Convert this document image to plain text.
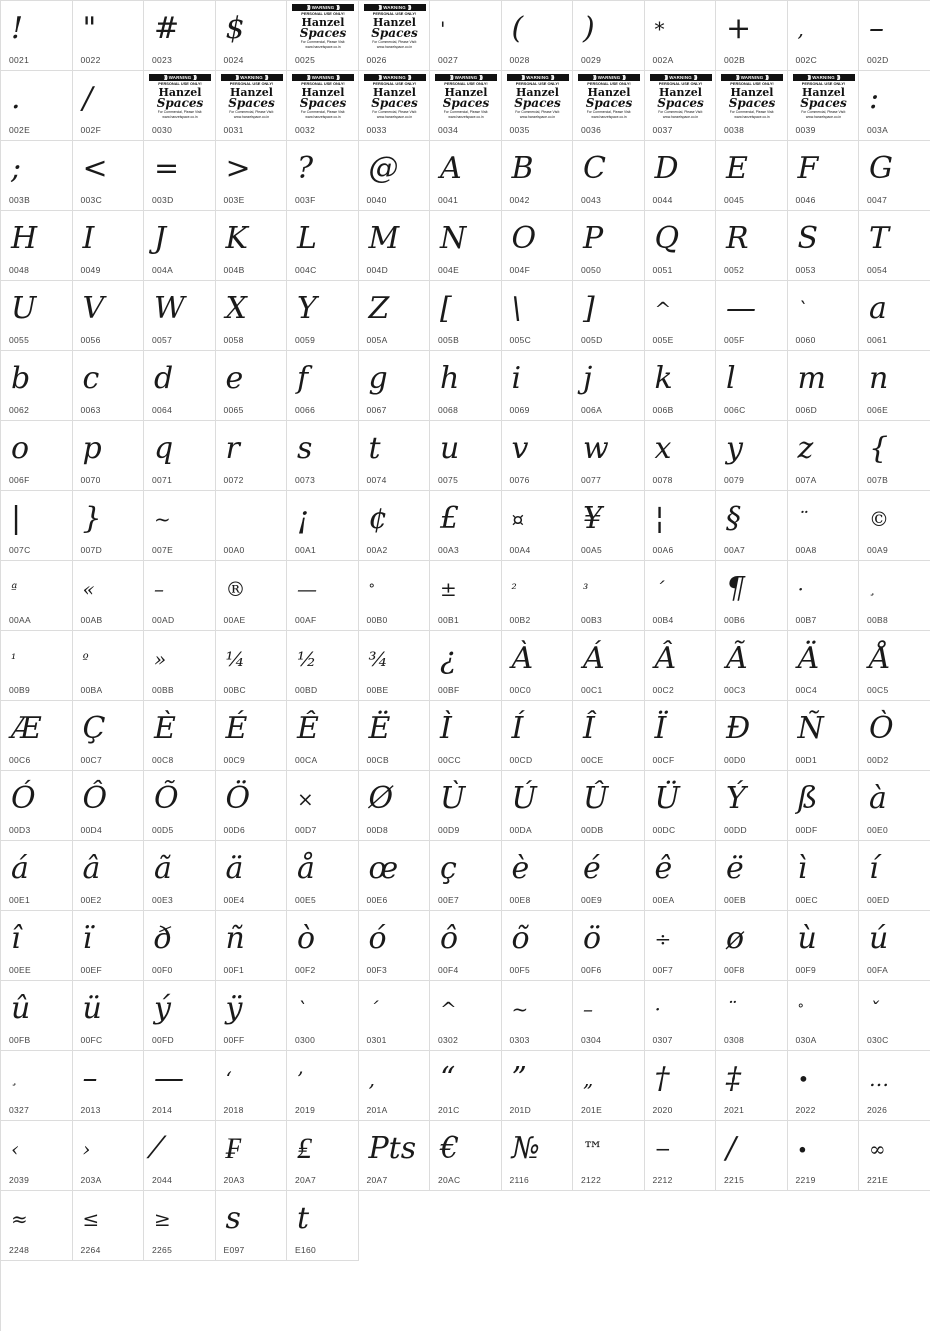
!
0021
"
0022
#
0023
$
0024
)))) WARNING ))))
PERSONAL USE ONLY!
Hanzel
Spaces
For Commercial, Please Visit:
www.hanzelspace.co.in
0025
)))) WARNING ))))
PERSONAL USE ONLY!
Hanzel
Spaces
For Commercial, Please Visit:
www.hanzelspace.co.in
0026
'
0027
(
0028
)
0029
*
002A
+
002B
,
002C
–
002D
.
002E
/
002F
)))) WARNING ))))
PERSONAL USE ONLY!
Hanzel
Spaces
For Commercial, Please Visit:
www.hanzelspace.co.in
0030
)))) WARNING ))))
PERSONAL USE ONLY!
Hanzel
Spaces
For Commercial, Please Visit:
www.hanzelspace.co.in
0031
)))) WARNING ))))
PERSONAL USE ONLY!
Hanzel
Spaces
For Commercial, Please Visit:
www.hanzelspace.co.in
0032
)))) WARNING ))))
PERSONAL USE ONLY!
Hanzel
Spaces
For Commercial, Please Visit:
www.hanzelspace.co.in
0033
)))) WARNING ))))
PERSONAL USE ONLY!
Hanzel
Spaces
For Commercial, Please Visit:
www.hanzelspace.co.in
0034
)))) WARNING ))))
PERSONAL USE ONLY!
Hanzel
Spaces
For Commercial, Please Visit:
www.hanzelspace.co.in
0035
)))) WARNING ))))
PERSONAL USE ONLY!
Hanzel
Spaces
For Commercial, Please Visit:
www.hanzelspace.co.in
0036
)))) WARNING ))))
PERSONAL USE ONLY!
Hanzel
Spaces
For Commercial, Please Visit:
www.hanzelspace.co.in
0037
)))) WARNING ))))
PERSONAL USE ONLY!
Hanzel
Spaces
For Commercial, Please Visit:
www.hanzelspace.co.in
0038
)))) WARNING ))))
PERSONAL USE ONLY!
Hanzel
Spaces
For Commercial, Please Visit:
www.hanzelspace.co.in
0039
:
003A
;
003B
<
003C
=
003D
>
003E
?
003F
@
0040
A
0041
B
0042
C
0043
D
0044
E
0045
F
0046
G
0047
H
0048
I
0049
J
004A
K
004B
L
004C
M
004D
N
004E
O
004F
P
0050
Q
0051
R
0052
S
0053
T
0054
U
0055
V
0056
W
0057
X
0058
Y
0059
Z
005A
[
005B
\
005C
]
005D
^
005E
—
005F
`
0060
a
0061
b
0062
c
0063
d
0064
e
0065
f
0066
g
0067
h
0068
i
0069
j
006A
k
006B
l
006C
m
006D
n
006E
o
006F
p
0070
q
0071
r
0072
s
0073
t
0074
u
0075
v
0076
w
0077
x
0078
y
0079
z
007A
{
007B
|
007C
}
007D
~
007E	00A0
¡
00A1
¢
00A2
£
00A3
¤
00A4
¥
00A5
¦
00A6
§
00A7
¨
00A8
©
00A9
ª
00AA
«
00AB
–
00AD
®
00AE
—
00AF
°
00B0
±
00B1
²
00B2
³
00B3
´
00B4
¶
00B6
·
00B7
¸
00B8
¹
00B9
º
00BA
»
00BB
¼
00BC
½
00BD
¾
00BE
¿
00BF
À
00C0
Á
00C1
Â
00C2
Ã
00C3
Ä
00C4
Å
00C5
Æ
00C6
Ç
00C7
È
00C8
É
00C9
Ê
00CA
Ë
00CB
Ì
00CC
Í
00CD
Î
00CE
Ï
00CF
Ð
00D0
Ñ
00D1
Ò
00D2
Ó
00D3
Ô
00D4
Õ
00D5
Ö
00D6
×
00D7
Ø
00D8
Ù
00D9
Ú
00DA
Û
00DB
Ü
00DC
Ý
00DD
ß
00DF
à
00E0
á
00E1
â
00E2
ã
00E3
ä
00E4
å
00E5
œ
00E6
ç
00E7
è
00E8
é
00E9
ê
00EA
ë
00EB
ì
00EC
í
00ED
î
00EE
ï
00EF
ð
00F0
ñ
00F1
ò
00F2
ó
00F3
ô
00F4
õ
00F5
ö
00F6
÷
00F7
ø
00F8
ù
00F9
ú
00FA
û
00FB
ü
00FC
ý
00FD
ÿ
00FF
`
0300
´
0301
^
0302
~
0303
–
0304
·
0307
¨
0308
°
030A
ˇ
030C
¸
0327
–
2013
—
2014
‘
2018
’
2019
‚
201A
“
201C
”
201D
„
201E
†
2020
‡
2021
•
2022
…
2026
‹
2039
›
203A
⁄
2044
₣
20A3
₤
20A7
Pts
20A7
€
20AC
№
2116
™
2122
−
2212
∕
2215
∙
2219
∞
221E
≈
2248
≤
2264
≥
2265
s
E097
t
E160
